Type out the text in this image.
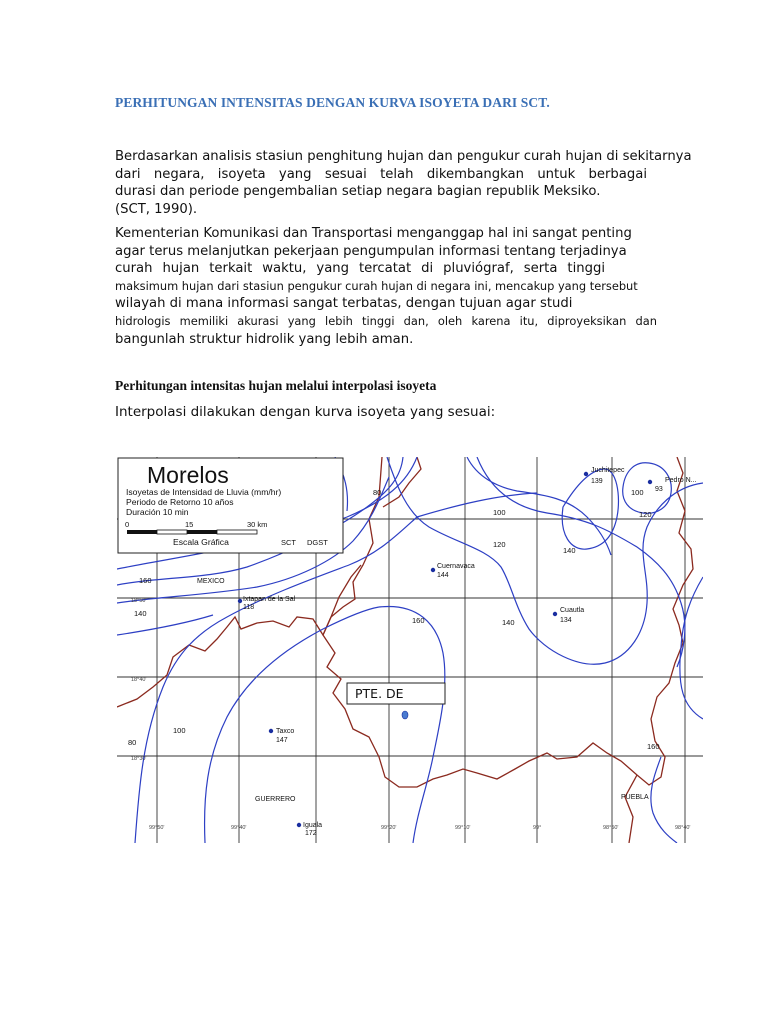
PERHITUNGAN INTENSITAS DENGAN KURVA ISOYETA DARI SCT.
Berdasarkan analisis stasiun penghitung hujan dan pengukur curah hujan di sekitarnya
dari negara, isoyeta yang sesuai telah dikembangkan untuk berbagai
durasi dan periode pengembalian setiap negara bagian republik Meksiko.
(SCT, 1990).
Kementerian Komunikasi dan Transportasi menganggap hal ini sangat penting
agar terus melanjutkan pekerjaan pengumpulan informasi tentang terjadinya
curah hujan terkait waktu, yang tercatat di pluviógraf, serta tinggi
maksimum hujan dari stasiun pengukur curah hujan di negara ini, mencakup yang tersebut
wilayah di mana informasi sangat terbatas, dengan tujuan agar studi
hidrologis memiliki akurasi yang lebih tinggi dan, oleh karena itu, diproyeksikan dan
bangunlah struktur hidrolik yang lebih aman.
Perhitungan intensitas hujan melalui interpolasi isoyeta
Interpolasi dilakukan dengan kurva isoyeta yang sesuai:
Morelos
Isoyetas de Intensidad de Lluvia (mm/hr)
Periodo de Retorno 10 años
Duración 10 min
0	15	30 km
Escala Gráfica	SCT DGST
80
100
120
140
160
140
160
100
80
100
120
140
160
18°50'
18°40'
18°30'
99°50'	99°40'	99°20'	99°10'	99°	98°50'	98°40'
MEXICO
GUERRERO	PUEBLA
Juchitepec
139	Pedro N...
93
Cuernavaca
144
Cuautla
134
Ixtapan de la Sal
118
Taxco
147
Iguala
172
PTE. DE
